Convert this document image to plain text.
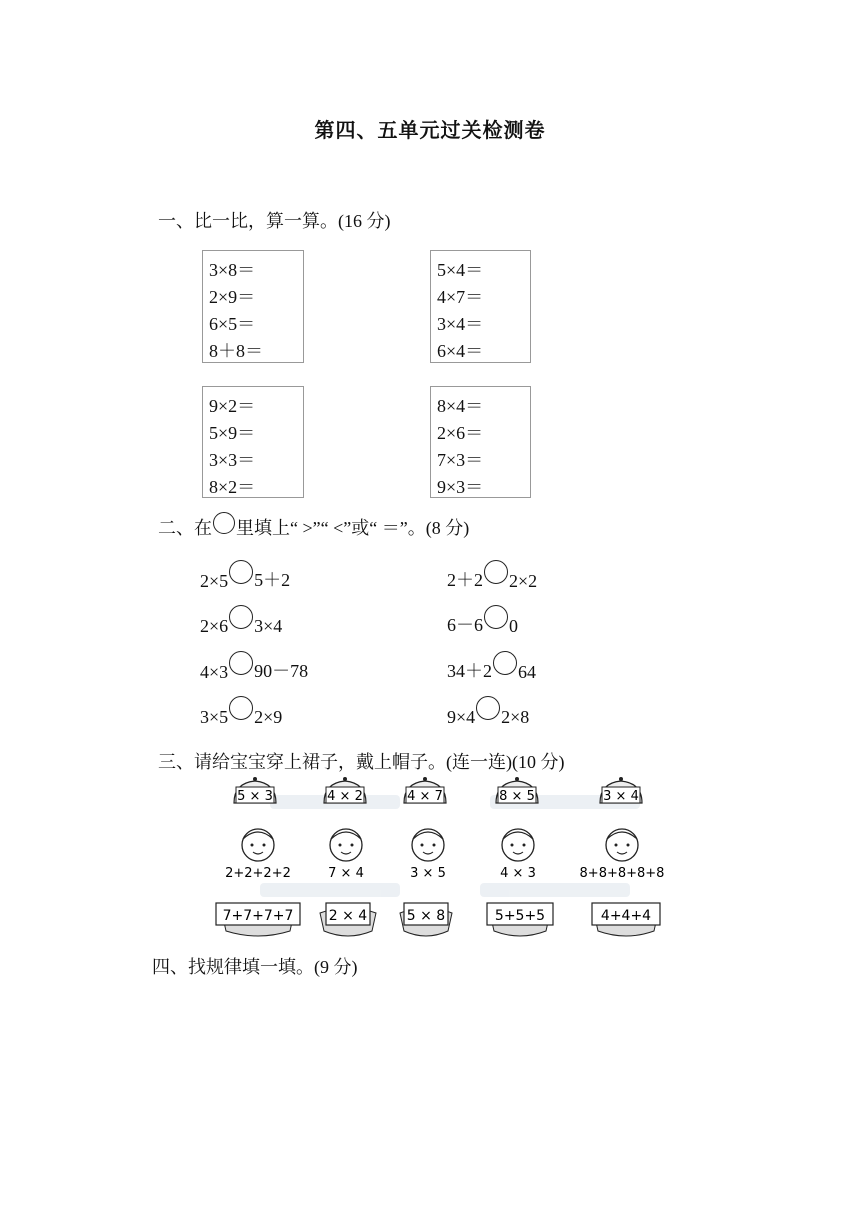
第四、五单元过关检测卷
一、比一比，算一算。(16 分)
3×8＝
2×9＝
6×5＝
8＋8＝
5×4＝
4×7＝
3×4＝
6×4＝
9×2＝
5×9＝
3×3＝
8×2＝
8×4＝
2×6＝
7×3＝
9×3＝
二、在 里填上“ >”“ <”或“ ＝”。(8 分)
2×5 5＋2	2＋2 2×2
2×6 3×4	6－6 0
4×3 90－78	34＋2 64
3×5 2×9	9×4 2×8
三、请给宝宝穿上裙子，戴上帽子。(连一连)(10 分)
5 × 3	4 × 2	4 × 7	8 × 5	3 × 4
2+2+2+2	7 × 4	3 × 5	4 × 3	8+8+8+8+8
7+7+7+7	2 × 4	5 × 8	5+5+5	4+4+4
四、找规律填一填。(9 分)
